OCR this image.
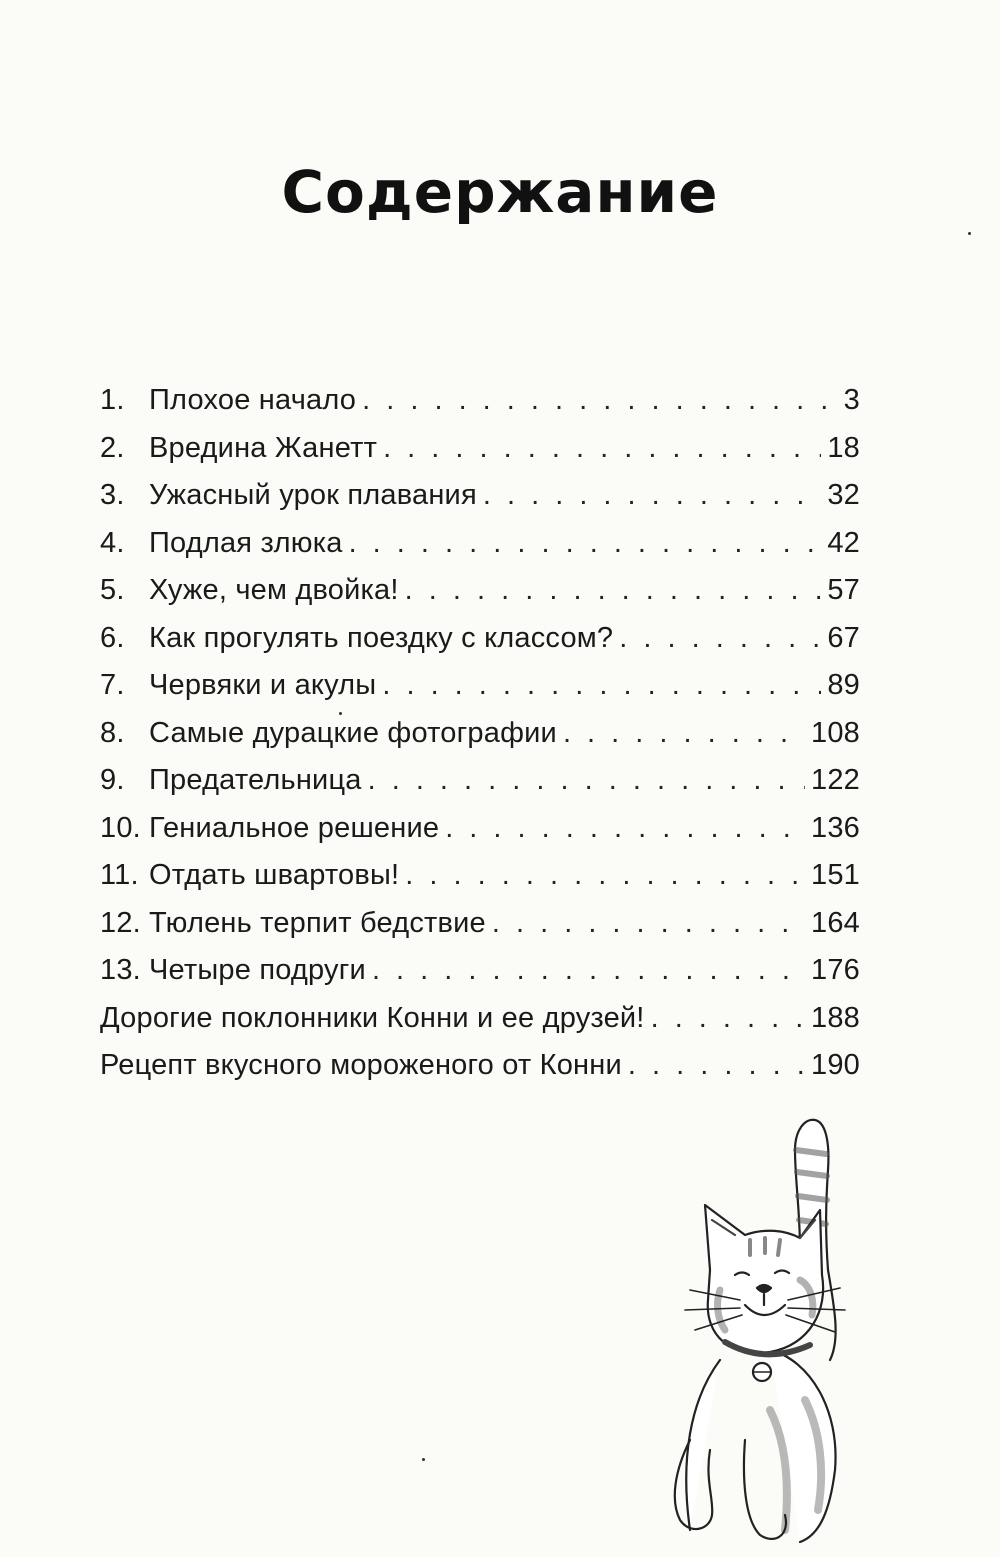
Содержание
1. Плохое начало . . .	3
2. Вредина Жанетт . . .	18
3. Ужасный урок плавания . . .	32
4. Подлая злюка . . .	42
5. Хуже, чем двойка! . . .	57
6. Как прогулять поездку с классом? . . .	67
7. Червяки и акулы . . .	89
8. Самые дурацкие фотографии . . .	108
9. Предательница . . .	122
10. Гениальное решение . . .	136
11. Отдать швартовы! . . .	151
12. Тюлень терпит бедствие . . .	164
13. Четыре подруги . . .	176
Дорогие поклонники Конни и ее друзей! . . .	188
Рецепт вкусного мороженого от Конни . . .	190
